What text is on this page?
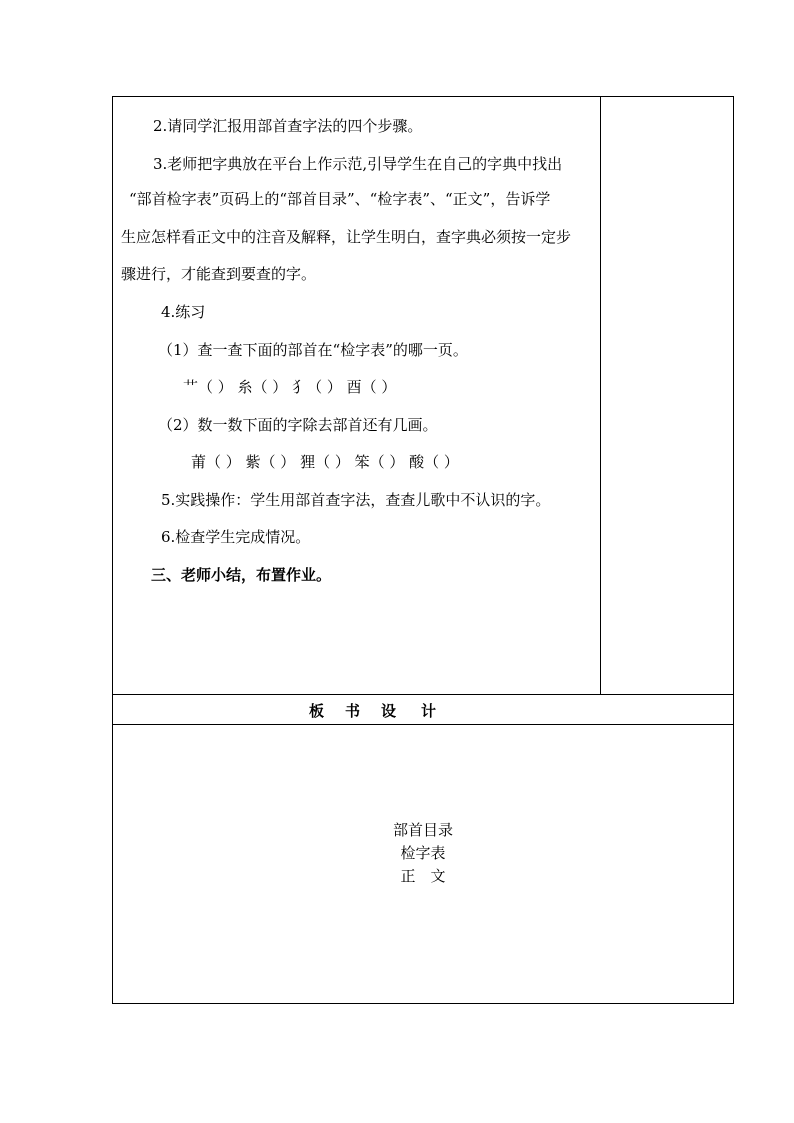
2.请同学汇报用部首查字法的四个步骤。
3.老师把字典放在平台上作示范,引导学生在自己的字典中找出
“部首检字表”页码上的“部首目录”、“检字表”、“正文”，告诉学
生应怎样看正文中的注音及解释，让学生明白，查字典必须按一定步
骤进行，才能查到要查的字。
4.练习
（1）查一查下面的部首在“检字表”的哪一页。
艹（ ） 糸（ ） 犭（ ） 酉（ ）
（2）数一数下面的字除去部首还有几画。
莆（ ） 紫（ ） 狸（ ） 笨（ ） 酸（ ）
5.实践操作：学生用部首查字法，查查儿歌中不认识的字。
6.检查学生完成情况。
三、老师小结，布置作业。
板 书 设 计
部首目录
检字表
正　文
